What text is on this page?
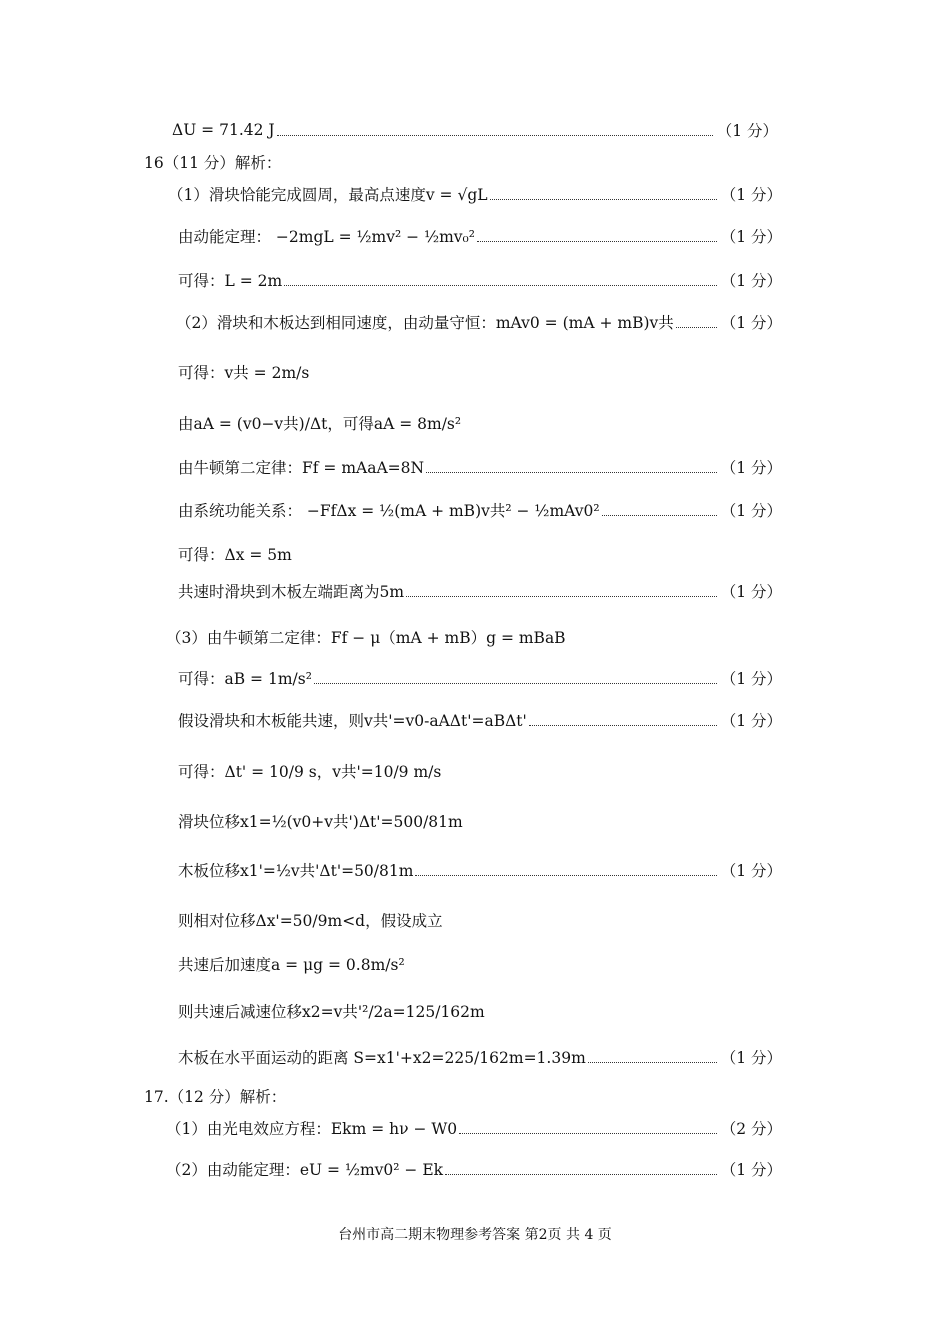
ΔU = 71.42 J	（1 分）
16（11 分）解析：
（1）滑块恰能完成圆周，最高点速度v = √gL	（1 分）
由动能定理： −2mgL = ½mv² − ½mv₀²	（1 分）
可得：L = 2m	（1 分）
（2）滑块和木板达到相同速度，由动量守恒：mAv0 = (mA + mB)v共	（1 分）
可得：v共 = 2m/s
由aA = (v0−v共)/Δt，可得aA = 8m/s²
由牛顿第二定律：Ff = mAaA=8N	（1 分）
由系统功能关系： −FfΔx = ½(mA + mB)v共² − ½mAv0²	（1 分）
可得：Δx = 5m
共速时滑块到木板左端距离为5m	（1 分）
（3）由牛顿第二定律：Ff − μ（mA + mB）g = mBaB
可得：aB = 1m/s²	（1 分）
假设滑块和木板能共速，则v共'=v0-aAΔt'=aBΔt'	（1 分）
可得：Δt' = 10/9 s，v共'=10/9 m/s
滑块位移x1=½(v0+v共')Δt'=500/81m
木板位移x1'=½v共'Δt'=50/81m	（1 分）
则相对位移Δx'=50/9m<d，假设成立
共速后加速度a = μg = 0.8m/s²
则共速后减速位移x2=v共'²/2a=125/162m
木板在水平面运动的距离 S=x1'+x2=225/162m=1.39m	（1 分）
17.（12 分）解析：
（1）由光电效应方程：Ekm = hν − W0	（2 分）
（2）由动能定理：eU = ½mv0² − Ek	（1 分）
台州市高二期末物理参考答案 第2页 共 4 页
